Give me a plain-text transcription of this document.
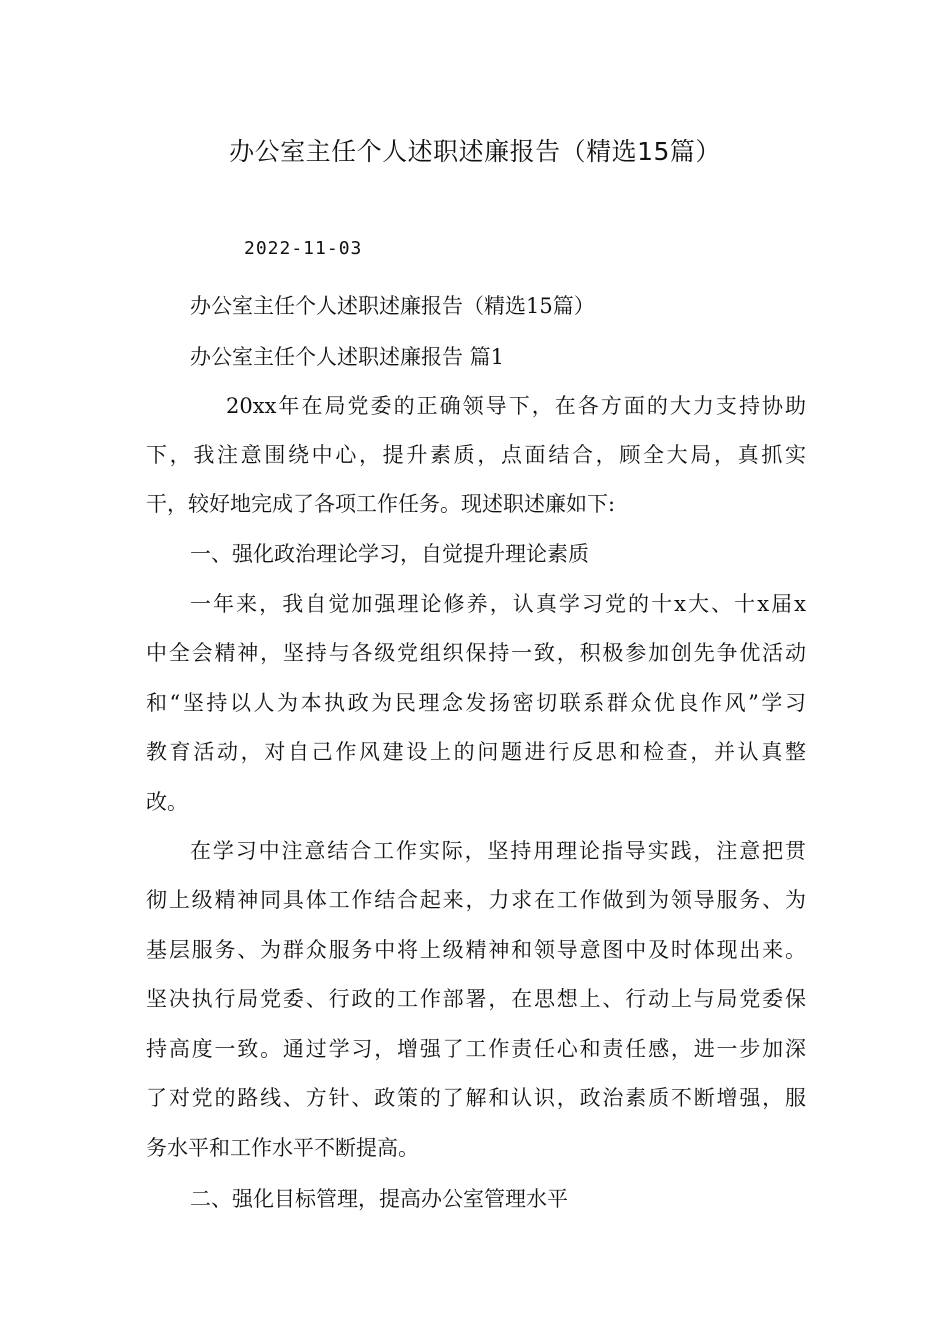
办公室主任个人述职述廉报告（精选15篇）
2022-11-03
办公室主任个人述职述廉报告（精选15篇）
办公室主任个人述职述廉报告 篇1
20xx年在局党委的正确领导下，在各方面的大力支持协助
下，我注意围绕中心，提升素质，点面结合，顾全大局，真抓实
干，较好地完成了各项工作任务。现述职述廉如下:
一、强化政治理论学习，自觉提升理论素质
一年来，我自觉加强理论修养，认真学习党的十x大、十x届x
中全会精神，坚持与各级党组织保持一致，积极参加创先争优活动
和“坚持以人为本执政为民理念发扬密切联系群众优良作风”学习
教育活动，对自己作风建设上的问题进行反思和检查，并认真整
改。
在学习中注意结合工作实际，坚持用理论指导实践，注意把贯
彻上级精神同具体工作结合起来，力求在工作做到为领导服务、为
基层服务、为群众服务中将上级精神和领导意图中及时体现出来。
坚决执行局党委、行政的工作部署，在思想上、行动上与局党委保
持高度一致。通过学习，增强了工作责任心和责任感，进一步加深
了对党的路线、方针、政策的了解和认识，政治素质不断增强，服
务水平和工作水平不断提高。
二、强化目标管理，提高办公室管理水平
